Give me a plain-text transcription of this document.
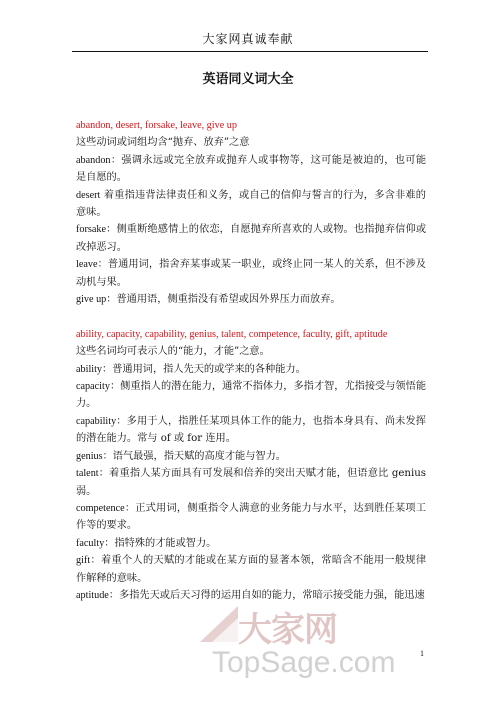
大家网真诚奉献
英语同义词大全
abandon, desert, forsake, leave, give up

这些动词或词组均含“抛弃、放弃”之意

abandon：强调永远或完全放弃或抛弃人或事物等，这可能是被迫的，也可能是自愿的。

desert 着重指违背法律责任和义务，或自己的信仰与誓言的行为，多含非难的意味。

forsake：侧重断绝感情上的依恋，自愿抛弃所喜欢的人或物。也指抛弃信仰或改掉恶习。

leave：普通用词，指舍弃某事或某一职业，或终止同一某人的关系，但不涉及动机与果。

give up：普通用语，侧重指没有希望或因外界压力而放弃。

ability, capacity, capability, genius, talent, competence, faculty, gift, aptitude

这些名词均可表示人的“能力，才能”之意。

ability：普通用词，指人先天的或学来的各种能力。

capacity：侧重指人的潜在能力，通常不指体力，多指才智，尤指接受与领悟能力。

capability：多用于人，指胜任某项具体工作的能力，也指本身具有、尚未发挥的潜在能力。常与 of 或 for 连用。

genius：语气最强，指天赋的高度才能与智力。

talent：着重指人某方面具有可发展和倍养的突出天赋才能，但语意比 genius 弱。

competence：正式用词，侧重指令人满意的业务能力与水平，达到胜任某项工作等的要求。

faculty：指特殊的才能或智力。

gift：着重个人的天赋的才能或在某方面的显著本领，常暗含不能用一般规律作解释的意味。

aptitude：多指先天或后天习得的运用自如的能力，常暗示接受能力强，能迅速

1
大家网
TopSage.com
